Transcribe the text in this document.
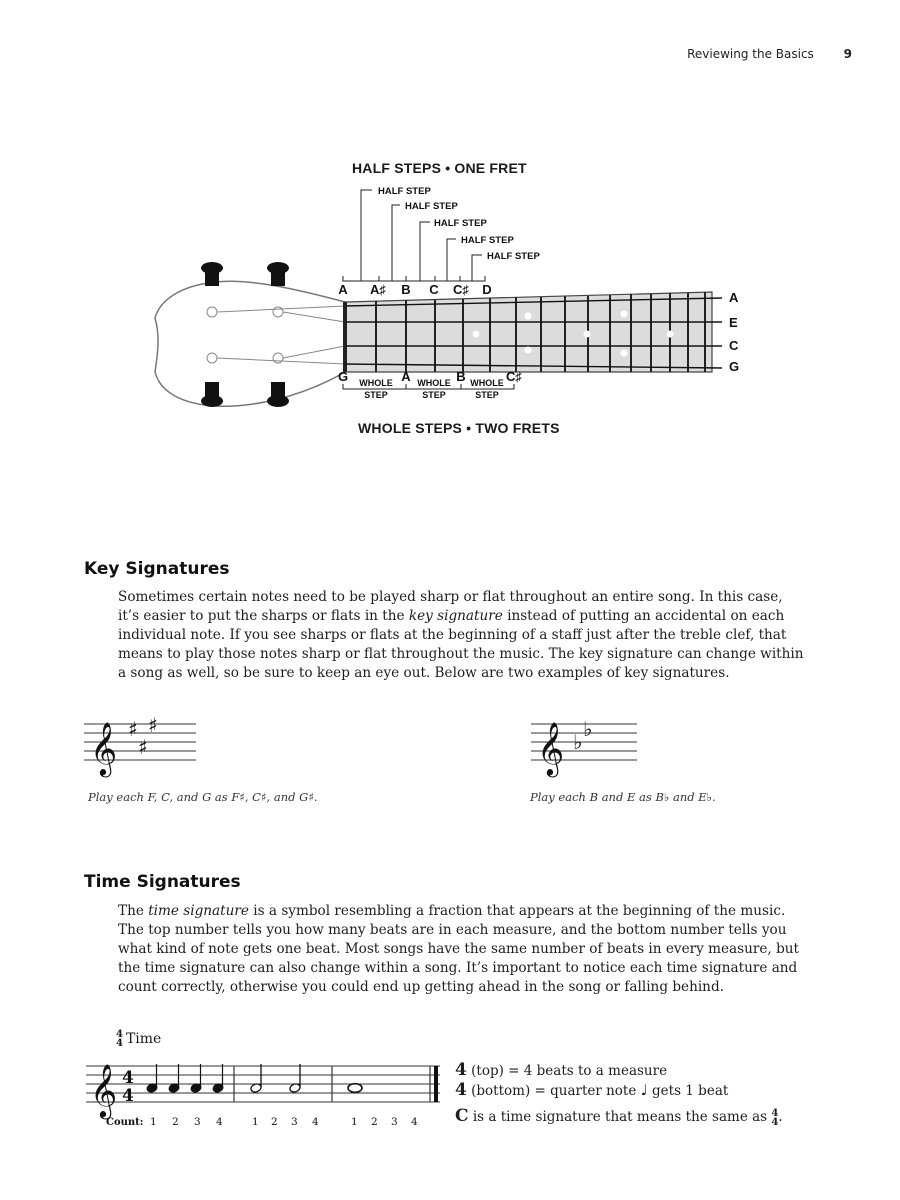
Reviewing the Basics 9
HALF STEPS • ONE FRET
HALF STEP
HALF STEP
HALF STEP
HALF STEP
HALF STEP
A A♯ B C C♯ D
A
E
C
G
G	A	B	C♯
WHOLE
STEP
WHOLE
STEP
WHOLE
STEP
WHOLE STEPS • TWO FRETS
Key Signatures

Sometimes certain notes need to be played sharp or flat throughout an entire song. In this case, it’s easier to put the sharps or flats in the key signature instead of putting an accidental on each individual note. If you see sharps or flats at the beginning of a staff just after the treble clef, that means to play those notes sharp or flat throughout the music. The key signature can change within a song as well, so be sure to keep an eye out. Below are two examples of key signatures.

𝄞 ♯
♯
♯
Play each F, C, and G as F♯, C♯, and G♯.
𝄞 ♭
♭
Play each B and E as B♭ and E♭.
Time Signatures

The time signature is a symbol resembling a fraction that appears at the beginning of the music. The top number tells you how many beats are in each measure, and the bottom number tells you what kind of note gets one beat. Most songs have the same number of beats in every measure, but the time signature can also change within a song. It’s important to notice each time signature and count correctly, otherwise you could end up getting ahead in the song or falling behind.

4
4 Time
𝄞 4
4
Count: 1 2 3 4	1 2 3 4	1 2 3 4
4 (top) = 4 beats to a measure
4 (bottom) = quarter note ♩ gets 1 beat
C is a time signature that means the same as 4
4.
